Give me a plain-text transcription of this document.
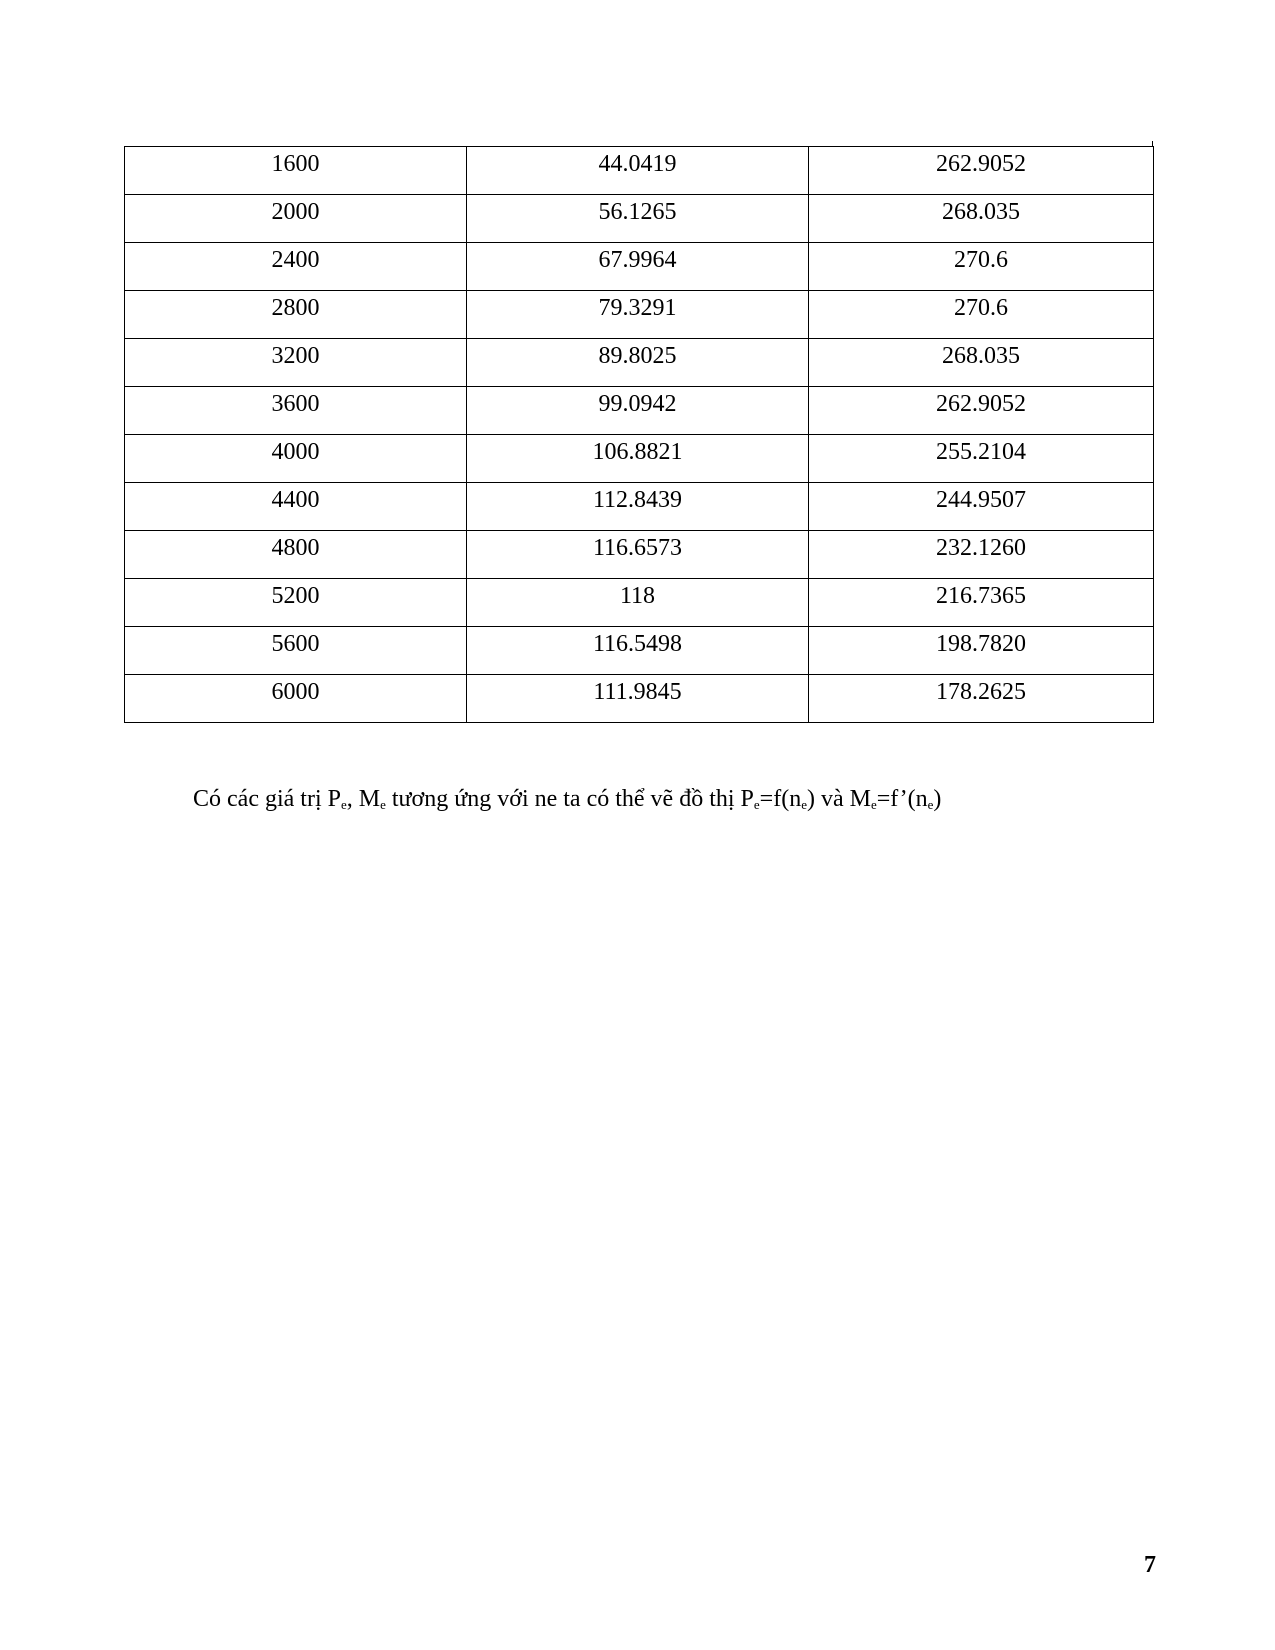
1600	44.0419	262.9052
2000	56.1265	268.035
2400	67.9964	270.6
2800	79.3291	270.6
3200	89.8025	268.035
3600	99.0942	262.9052
4000	106.8821	255.2104
4400	112.8439	244.9507
4800	116.6573	232.1260
5200	118	216.7365
5600	116.5498	198.7820
6000	111.9845	178.2625

Có các giá trị $P_e$, $M_e$ tương ứng với ne ta có thể vẽ đồ thị $P_e=f(n_e)$ và $M_e=f’(n_e)$

7
